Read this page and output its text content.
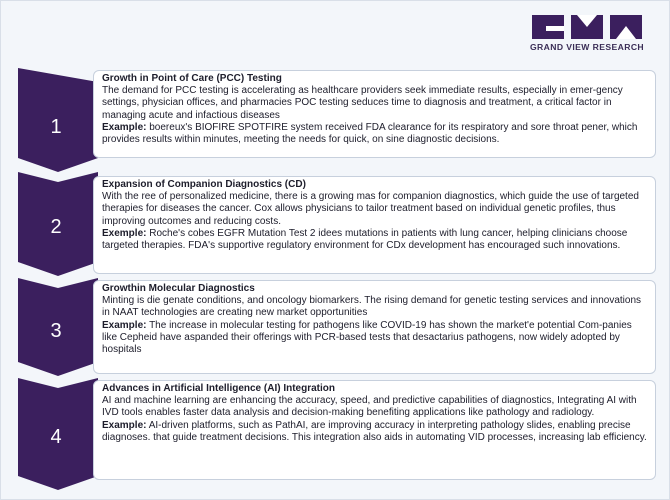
GRAND VIEW RESEARCH
1
Growth in Point of Care (PCC) Testing
The demand for PCC testing is accelerating as healthcare providers seek immediate results, especially in emer-gency settings, physician offices, and pharmacies POC testing seduces time to diagnosis and treatment, a critical factor in managing acute and infactious diseases
Example: boereux's BIOFIRE SPOTFIRE system received FDA clearance for its respiratory and sore throat pener, which provides results within minutes, meeting the needs for quick, on sine diagnostic decisions.
2
Expansion of Companion Diagnostics (CD)
With the ree of personalized medicine, there is a growing mas for companion diagnostics, which guide the use of targeted therapies for diseases the cancer. Cox allows physicians to tailor treatment based on individual genetic profiles, thus improving outcomes and reducing costs.
Exemple: Roche's cobes EGFR Mutation Test 2 idees mutations in patients with lung cancer, helping clinicians choose targeted therapies. FDA's supportive regulatory environment for CDx development has encouraged such innovations.
3
Growthin Molecular Diagnostics
Minting is die genate conditions, and oncology biomarkers. The rising demand for genetic testing services and innovations in NAAT technologies are creating new market opportunities
Example: The increase in molecular testing for pathogens like COVID-19 has shown the market'e potential Com-panies like Cepheid have aspanded their offerings with PCR-based tests that desactarius pathogens, now widely adopted by hospitals
4
Advances in Artificial Intelligence (AI) Integration
AI and machine learning are enhancing the accuracy, speed, and predictive capabilities of diagnostics, Integrating AI with IVD tools enables faster data analysis and decision-making benefiting applications like pathology and radiology.
Example: AI-driven platforms, such as PathAI, are improving accuracy in interpreting pathology slides, enabling precise diagnoses. that guide treatment decisions. This integration also aids in automating VID processes, increasing lab efficiency.
